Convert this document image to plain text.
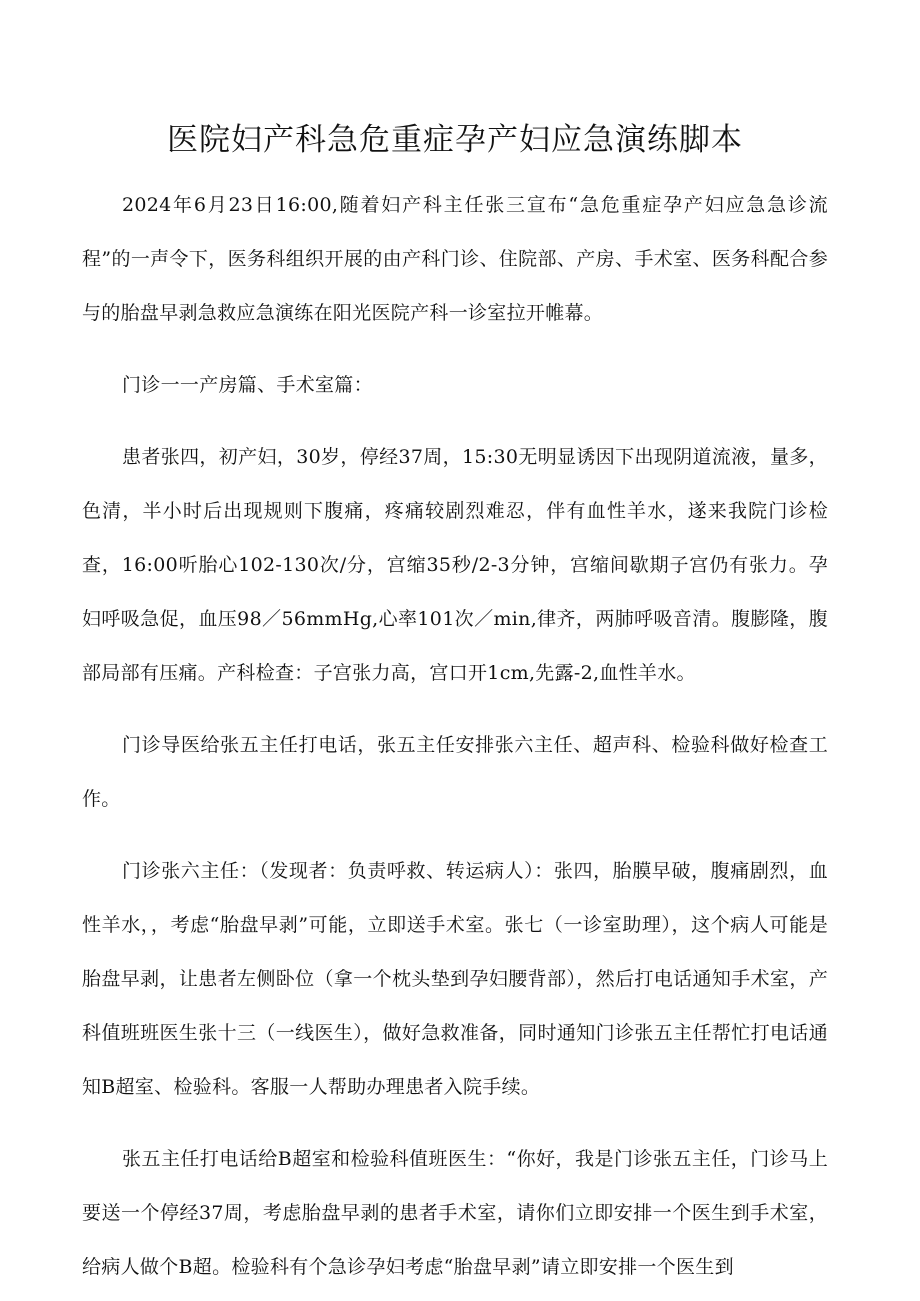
医院妇产科急危重症孕产妇应急演练脚本

2024年6月23日16:00,随着妇产科主任张三宣布“急危重症孕产妇应急急诊流程”的一声令下，医务科组织开展的由产科门诊、住院部、产房、手术室、医务科配合参与的胎盘早剥急救应急演练在阳光医院产科一诊室拉开帷幕。

门诊一一产房篇、手术室篇：

患者张四，初产妇，30岁，停经37周，15:30无明显诱因下出现阴道流液，量多，色清，半小时后出现规则下腹痛，疼痛较剧烈难忍，伴有血性羊水，遂来我院门诊检查，16:00听胎心102-130次/分，宫缩35秒/2-3分钟，宫缩间歇期子宫仍有张力。孕妇呼吸急促，血压98／56mmHg,心率101次／min,律齐，两肺呼吸音清。腹膨隆，腹部局部有压痛。产科检查：子宫张力高，宫口开1cm,先露-2,血性羊水。

门诊导医给张五主任打电话，张五主任安排张六主任、超声科、检验科做好检查工作。

门诊张六主任：（发现者：负责呼救、转运病人）：张四，胎膜早破，腹痛剧烈，血性羊水，，考虑“胎盘早剥”可能，立即送手术室。张七（一诊室助理），这个病人可能是胎盘早剥，让患者左侧卧位（拿一个枕头垫到孕妇腰背部），然后打电话通知手术室，产科值班班医生张十三（一线医生），做好急救准备，同时通知门诊张五主任帮忙打电话通知B超室、检验科。客服一人帮助办理患者入院手续。

张五主任打电话给B超室和检验科值班医生：“你好，我是门诊张五主任，门诊马上要送一个停经37周，考虑胎盘早剥的患者手术室，请你们立即安排一个医生到手术室，给病人做个B超。检验科有个急诊孕妇考虑“胎盘早剥”请立即安排一个医生到
